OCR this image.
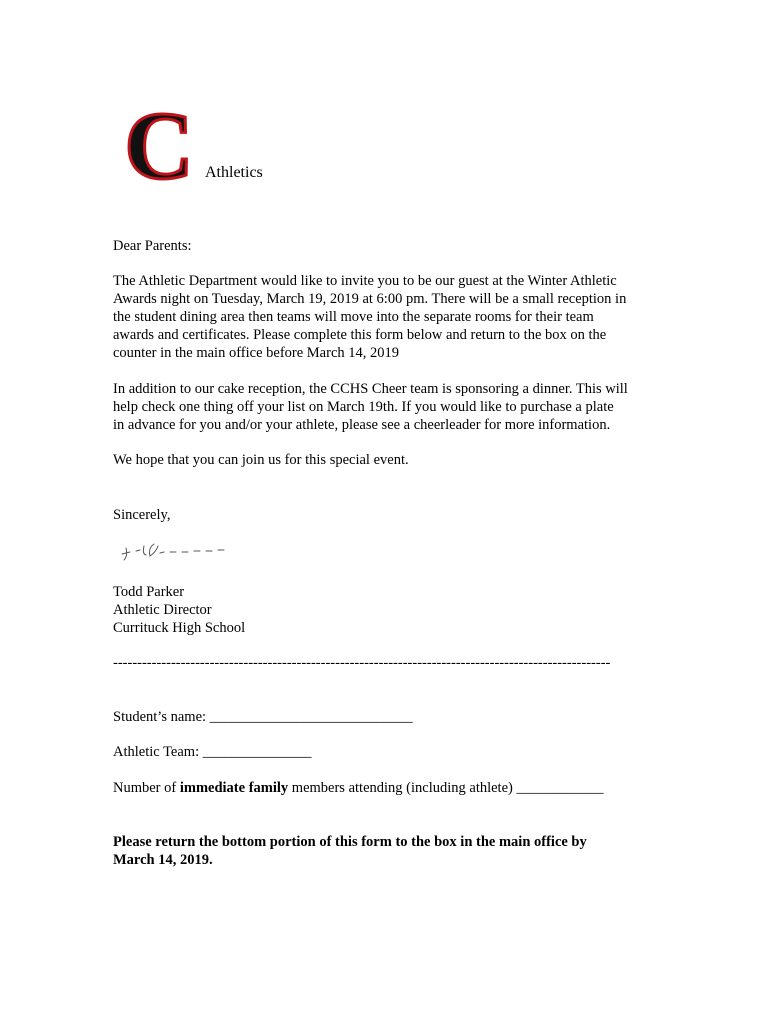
C Athletics
Dear Parents:
The Athletic Department would like to invite you to be our guest at the Winter Athletic
Awards night on Tuesday, March 19, 2019 at 6:00 pm. There will be a small reception in
the student dining area then teams will move into the separate rooms for their team
awards and certificates. Please complete this form below and return to the box on the
counter in the main office before March 14, 2019
In addition to our cake reception, the CCHS Cheer team is sponsoring a dinner. This will
help check one thing off your list on March 19th. If you would like to purchase a plate
in advance for you and/or your athlete, please see a cheerleader for more information.
We hope that you can join us for this special event.
Sincerely,
Todd Parker
Athletic Director
Currituck High School
-------------------------------------------------------------------------------------------------------
Student’s name: ____________________________
Athletic Team: _______________
Number of immediate family members attending (including athlete) ____________
Please return the bottom portion of this form to the box in the main office by
March 14, 2019.
